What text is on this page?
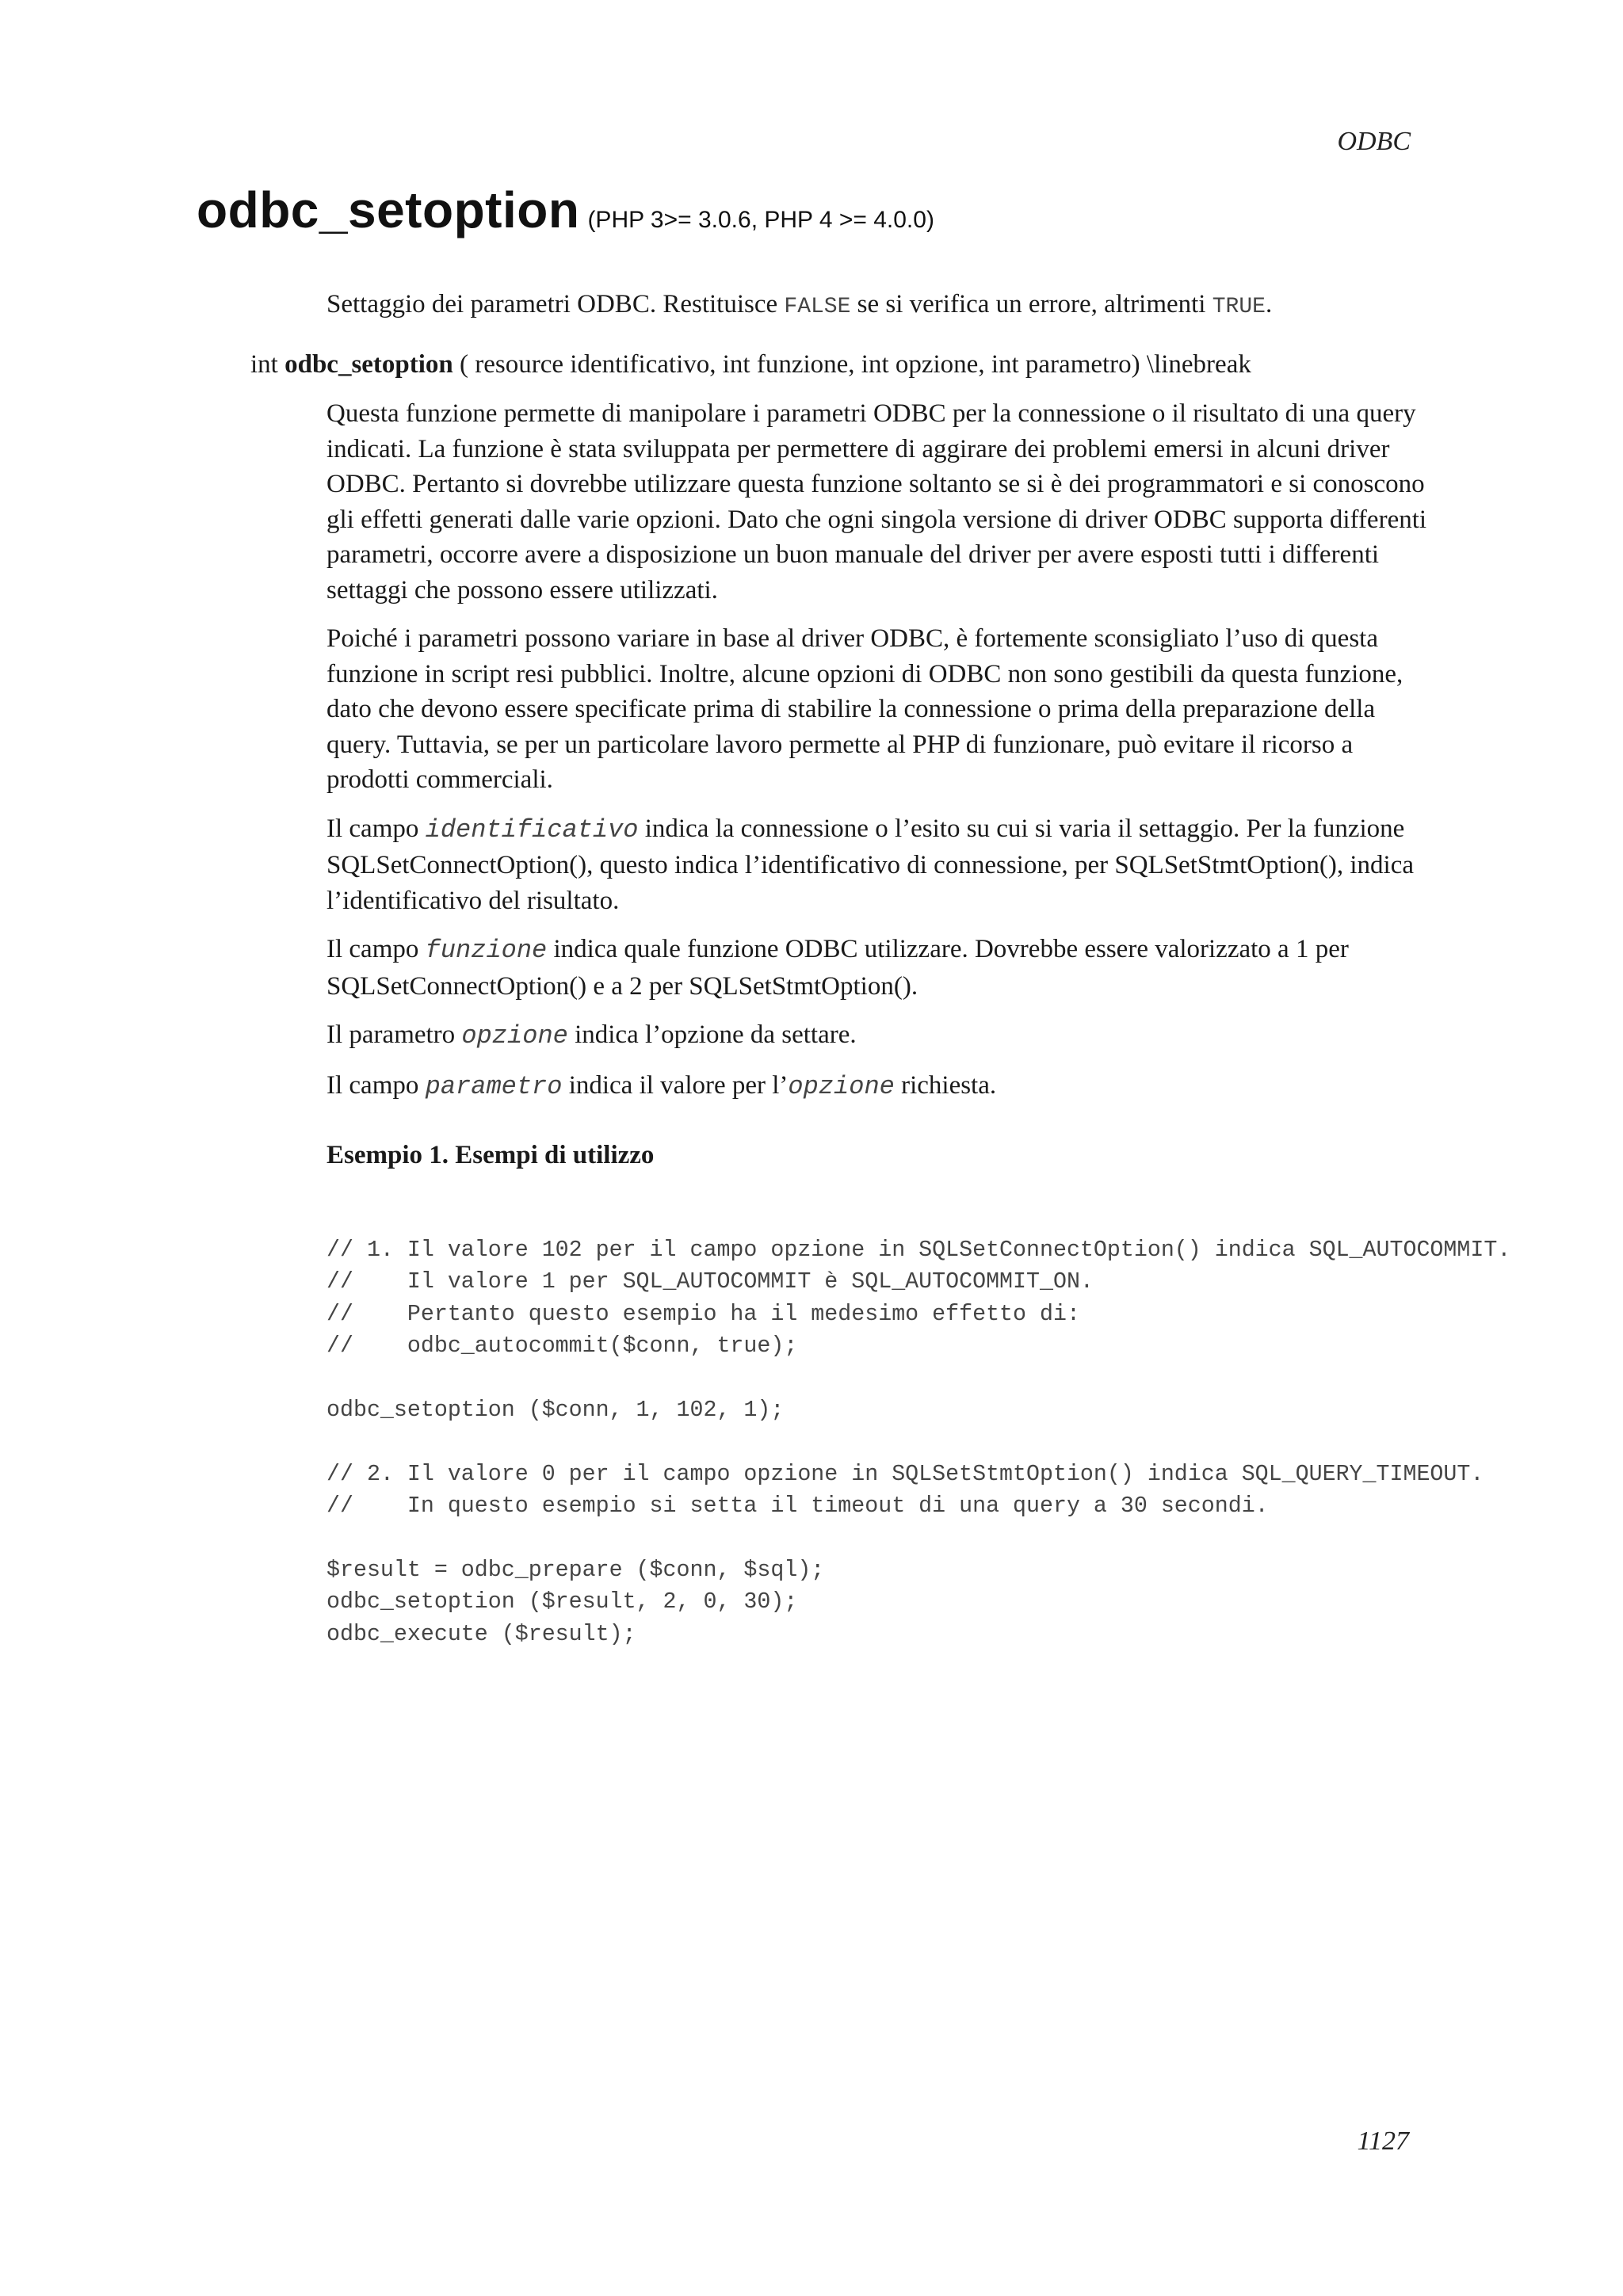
ODBC
odbc_setoption (PHP 3>= 3.0.6, PHP 4 >= 4.0.0)
Settaggio dei parametri ODBC. Restituisce FALSE se si verifica un errore, altrimenti TRUE.
int odbc_setoption ( resource identificativo, int funzione, int opzione, int parametro) \linebreak

Questa funzione permette di manipolare i parametri ODBC per la connessione o il risultato di una query indicati. La funzione è stata sviluppata per permettere di aggirare dei problemi emersi in alcuni driver ODBC. Pertanto si dovrebbe utilizzare questa funzione soltanto se si è dei programmatori e si conoscono gli effetti generati dalle varie opzioni. Dato che ogni singola versione di driver ODBC supporta differenti parametri, occorre avere a disposizione un buon manuale del driver per avere esposti tutti i differenti settaggi che possono essere utilizzati.

Poiché i parametri possono variare in base al driver ODBC, è fortemente sconsigliato l’uso di questa funzione in script resi pubblici. Inoltre, alcune opzioni di ODBC non sono gestibili da questa funzione, dato che devono essere specificate prima di stabilire la connessione o prima della preparazione della query. Tuttavia, se per un particolare lavoro permette al PHP di funzionare, può evitare il ricorso a prodotti commerciali.

Il campo identificativo indica la connessione o l’esito su cui si varia il settaggio. Per la funzione SQLSetConnectOption(), questo indica l’identificativo di connessione, per SQLSetStmtOption(), indica l’identificativo del risultato.

Il campo funzione indica quale funzione ODBC utilizzare. Dovrebbe essere valorizzato a 1 per SQLSetConnectOption() e a 2 per SQLSetStmtOption().

Il parametro opzione indica l’opzione da settare.

Il campo parametro indica il valore per l’opzione richiesta.

Esempio 1. Esempi di utilizzo
// 1. Il valore 102 per il campo opzione in SQLSetConnectOption() indica SQL_AUTOCOMMIT.
//    Il valore 1 per SQL_AUTOCOMMIT è SQL_AUTOCOMMIT_ON.
//    Pertanto questo esempio ha il medesimo effetto di:
//    odbc_autocommit($conn, true);

odbc_setoption ($conn, 1, 102, 1);

// 2. Il valore 0 per il campo opzione in SQLSetStmtOption() indica SQL_QUERY_TIMEOUT.
//    In questo esempio si setta il timeout di una query a 30 secondi.

$result = odbc_prepare ($conn, $sql);
odbc_setoption ($result, 2, 0, 30);
odbc_execute ($result);
1127
